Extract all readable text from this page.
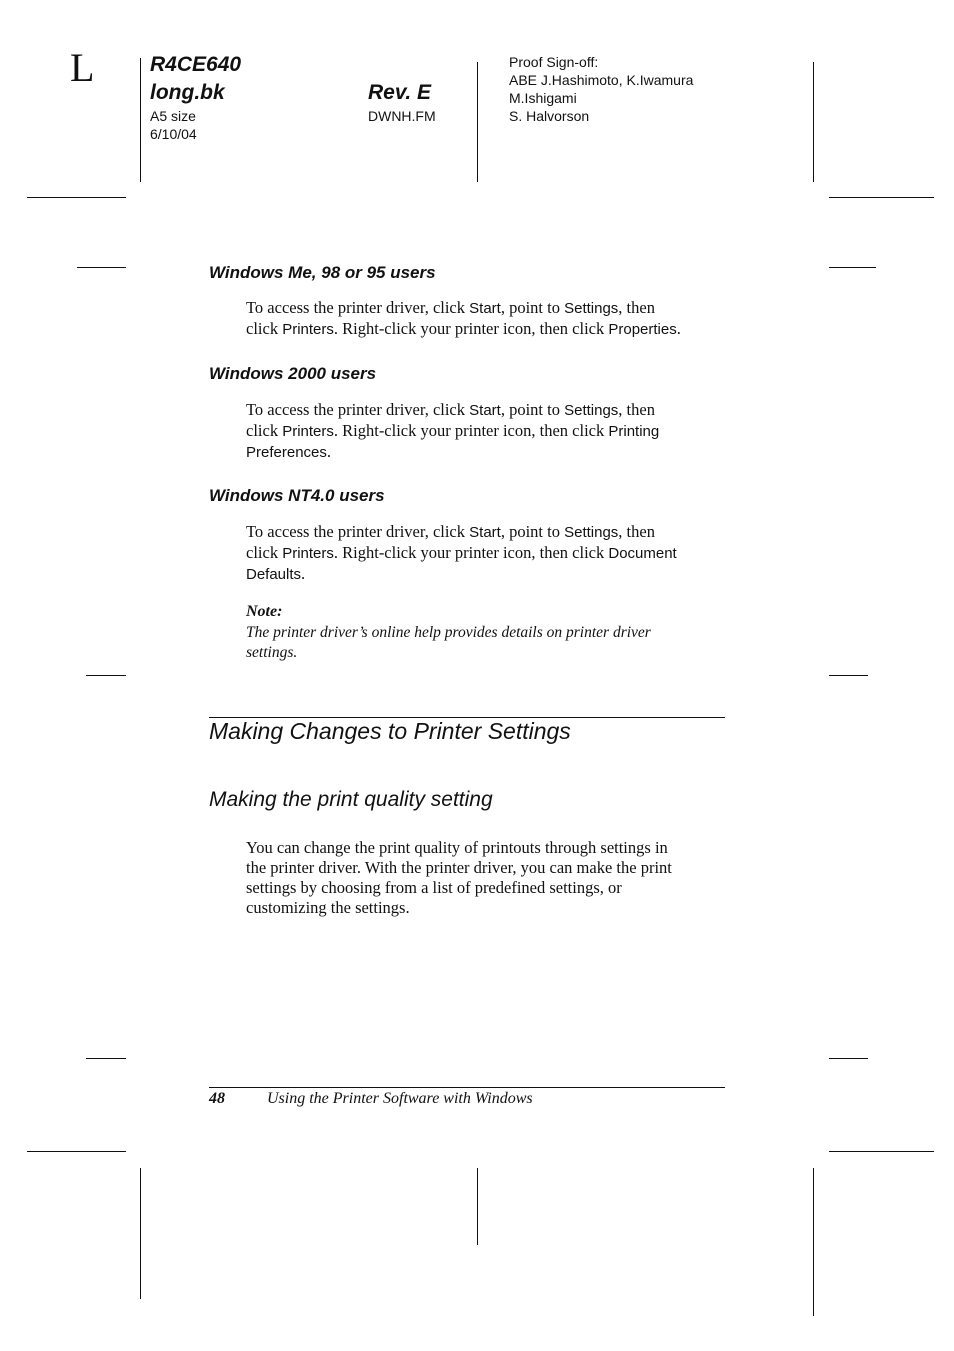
L	R4CE640
long.bk
A5 size
6/10/04
Rev. E
DWNH.FM
Proof Sign-off:
ABE J.Hashimoto, K.Iwamura
M.Ishigami
S. Halvorson
Windows Me, 98 or 95 users
To access the printer driver, click Start, point to Settings, then
click Printers. Right-click your printer icon, then click Properties.
Windows 2000 users
To access the printer driver, click Start, point to Settings, then
click Printers. Right-click your printer icon, then click Printing
Preferences.
Windows NT4.0 users
To access the printer driver, click Start, point to Settings, then
click Printers. Right-click your printer icon, then click Document
Defaults.
Note:
The printer driver’s online help provides details on printer driver
settings.
Making Changes to Printer Settings
Making the print quality setting
You can change the print quality of printouts through settings in
the printer driver. With the printer driver, you can make the print
settings by choosing from a list of predefined settings, or
customizing the settings.
48	Using the Printer Software with Windows
